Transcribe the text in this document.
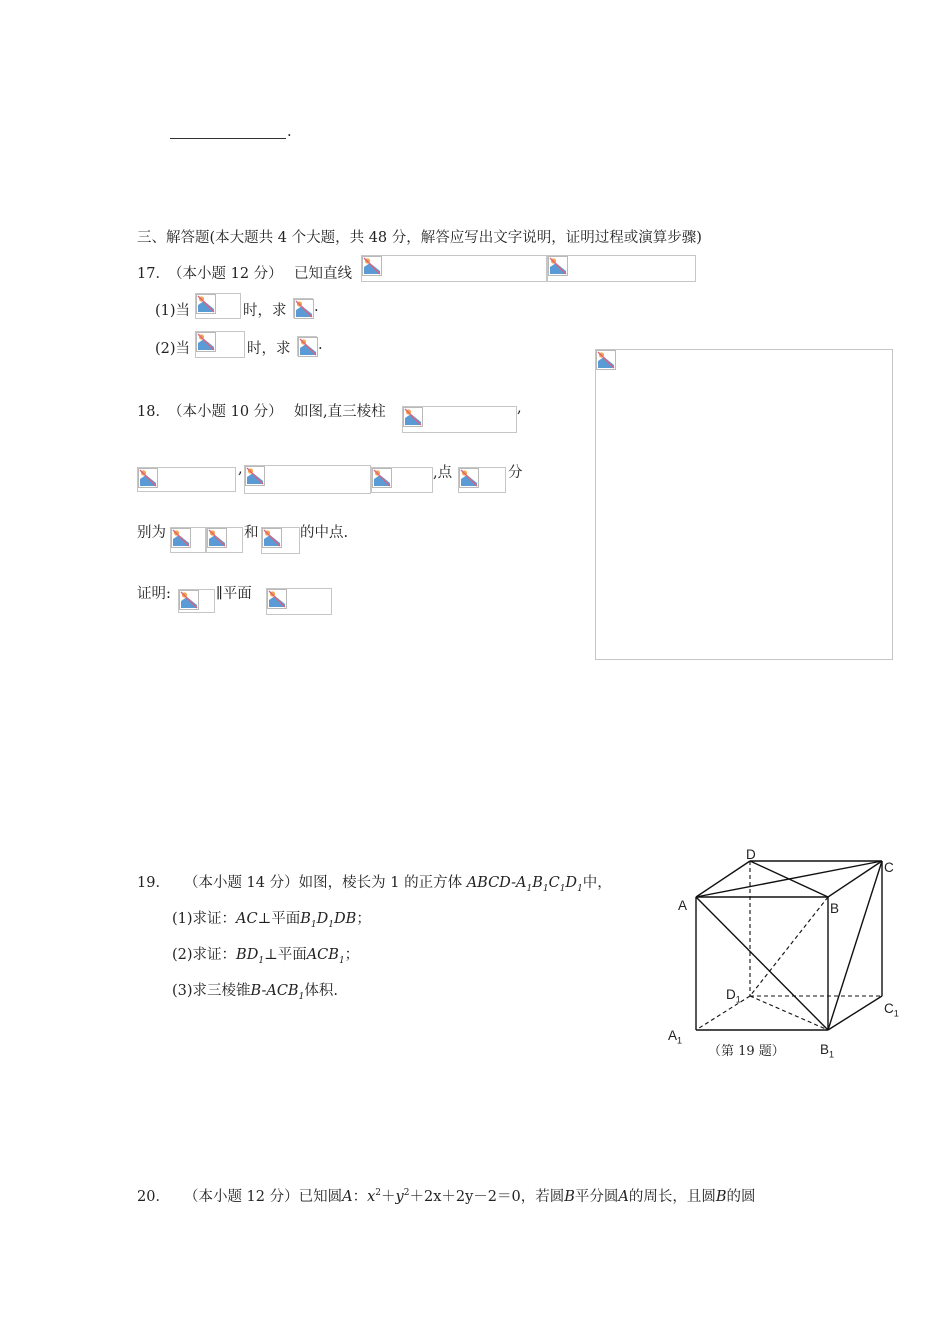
.
三、解答题(本大题共 4 个大题，共 48 分，解答应写出文字说明，证明过程或演算步骤)
17．
（本小题 12 分） 已知直线
(1)当	时，求 .
(2)当	时，求 .
18．
（本小题 10 分） 如图,直三棱柱	,
,	,点	分
别为	和	的中点.
证明:	∥平面
19． （本小题 14 分）如图，棱长为 1 的正方体 ABCD-$A_1B_1C_1D_1$中，
(1)求证：AC⊥平面$B_1D_1DB$；
(2)求证：$BD_1\perp$平面$ACB_1$；
(3)求三棱锥$B-ACB_1$体积.
D
C
A	B
$D_1$
$C_1$
$A_1$
$B_1$
（第 19 题）
20． （本小题 12 分）已知圆A：$x^2+y^2+2x+2y-2=0$，若圆B平分圆A的周长，且圆B的圆
